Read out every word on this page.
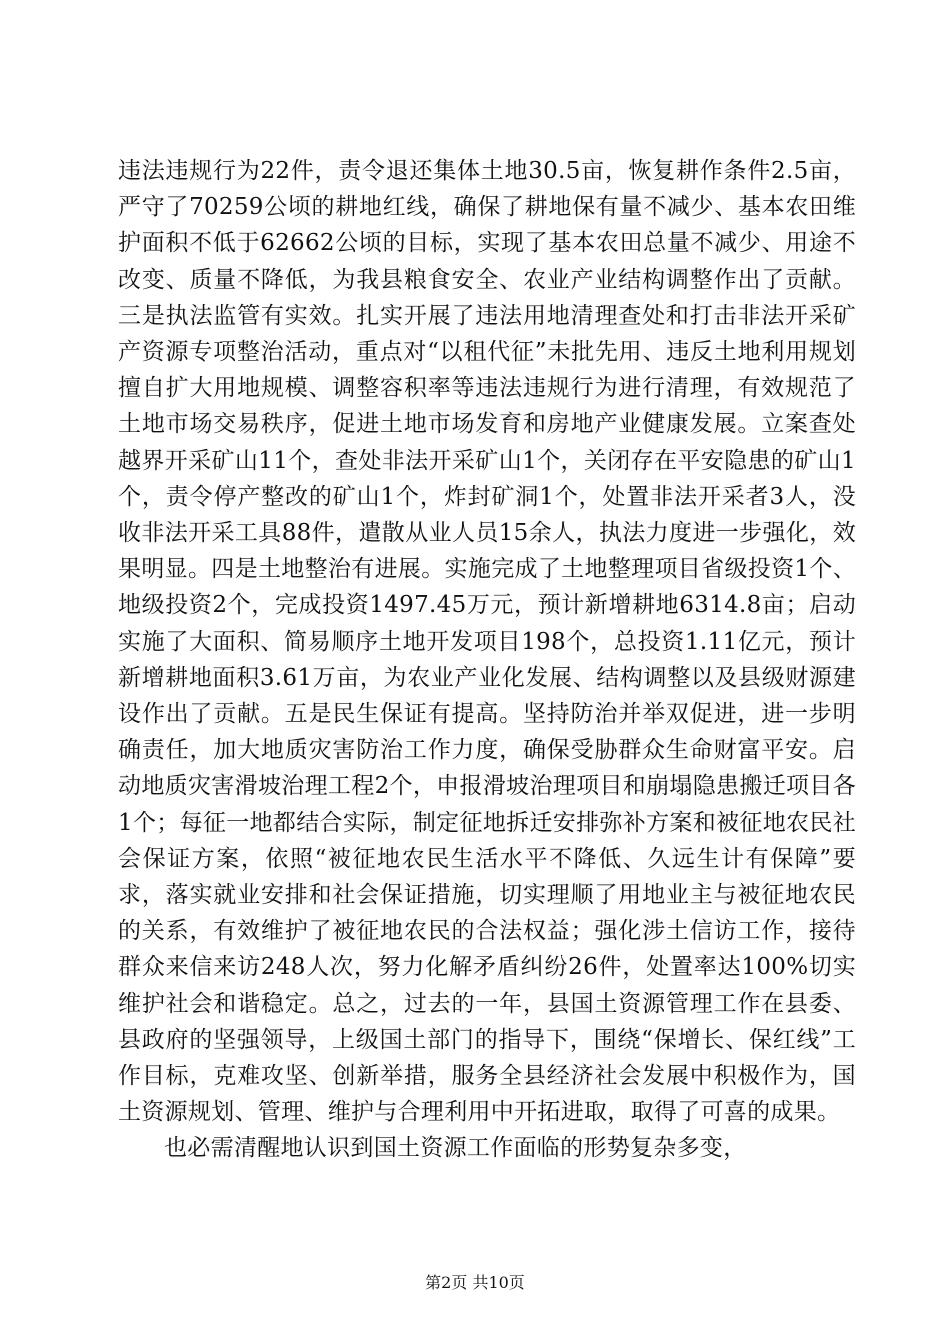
违法违规行为22件，责令退还集体土地30.5亩，恢复耕作条件2.5亩，严守了70259公顷的耕地红线，确保了耕地保有量不减少、基本农田维护面积不低于62662公顷的目标，实现了基本农田总量不减少、用途不改变、质量不降低，为我县粮食安全、农业产业结构调整作出了贡献。三是执法监管有实效。扎实开展了违法用地清理查处和打击非法开采矿产资源专项整治活动，重点对“以租代征”未批先用、违反土地利用规划擅自扩大用地规模、调整容积率等违法违规行为进行清理，有效规范了土地市场交易秩序，促进土地市场发育和房地产业健康发展。立案查处越界开采矿山11个，查处非法开采矿山1个，关闭存在平安隐患的矿山1个，责令停产整改的矿山1个，炸封矿洞1个，处置非法开采者3人，没收非法开采工具88件，遣散从业人员15余人，执法力度进一步强化，效果明显。四是土地整治有进展。实施完成了土地整理项目省级投资1个、地级投资2个，完成投资1497.45万元，预计新增耕地6314.8亩；启动实施了大面积、简易顺序土地开发项目198个，总投资1.11亿元，预计新增耕地面积3.61万亩，为农业产业化发展、结构调整以及县级财源建设作出了贡献。五是民生保证有提高。坚持防治并举双促进，进一步明确责任，加大地质灾害防治工作力度，确保受胁群众生命财富平安。启动地质灾害滑坡治理工程2个，申报滑坡治理项目和崩塌隐患搬迁项目各1个；每征一地都结合实际，制定征地拆迁安排弥补方案和被征地农民社会保证方案，依照“被征地农民生活水平不降低、久远生计有保障”要求，落实就业安排和社会保证措施，切实理顺了用地业主与被征地农民的关系，有效维护了被征地农民的合法权益；强化涉土信访工作，接待群众来信来访248人次，努力化解矛盾纠纷26件，处置率达100%切实维护社会和谐稳定。总之，过去的一年，县国土资源管理工作在县委、县政府的坚强领导，上级国土部门的指导下，围绕“保增长、保红线”工作目标，克难攻坚、创新举措，服务全县经济社会发展中积极作为，国土资源规划、管理、维护与合理利用中开拓进取，取得了可喜的成果。

也必需清醒地认识到国土资源工作面临的形势复杂多变，

第2页 共10页
